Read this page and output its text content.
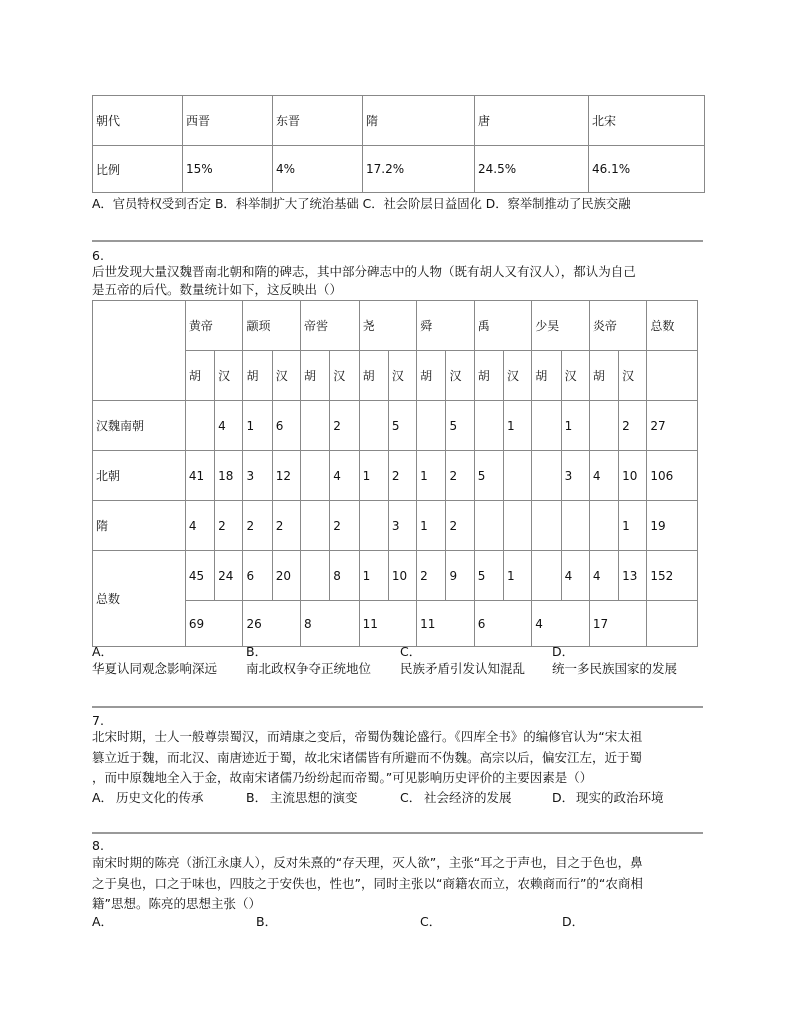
朝代	西晋	东晋	隋	唐	北宋
比例	15%	4%	17.2%	24.5%	46.1%
A．官员特权受到否定 B．科举制扩大了统治基础 C．社会阶层日益固化 D．察举制推动了民族交融
6.
后世发现大量汉魏晋南北朝和隋的碑志，其中部分碑志中的人物（既有胡人又有汉人），都认为自己
是五帝的后代。数量统计如下，这反映出（）
	黄帝		颛顼		帝喾		尧		舜		禹		少昊		炎帝		总数
	胡	汉	胡	汉	胡	汉	胡	汉	胡	汉	胡	汉	胡	汉	胡	汉	
汉魏南朝		4	1	6		2		5		5		1		1		2	27
北朝	41	18	3	12		4	1	2	1	2	5			3	4	10	106
隋	4	2	2	2		2		3	1	2						1	19
总数	45	24	6	20		8	1	10	2	9	5	1		4	4	13	152
	69		26		8		11		11		6		4		17		
A．	B．	C．	D．
华夏认同观念影响深远 南北政权争夺正统地位 民族矛盾引发认知混乱 统一多民族国家的发展
7.
北宋时期，士人一般尊崇蜀汉，而靖康之变后，帝蜀伪魏论盛行。《四库全书》的编修官认为“宋太祖
篡立近于魏，而北汉、南唐迹近于蜀，故北宋诸儒皆有所避而不伪魏。高宗以后，偏安江左，近于蜀
，而中原魏地全入于金，故南宋诸儒乃纷纷起而帝蜀。”可见影响历史评价的主要因素是（）
A． 历史文化的传承	B． 主流思想的演变	C． 社会经济的发展	D． 现实的政治环境
8.
南宋时期的陈亮（浙江永康人），反对朱熹的“存天理，灭人欲”，主张“耳之于声也，目之于色也，鼻
之于臭也，口之于味也，四肢之于安佚也，性也”，同时主张以“商籍农而立，农赖商而行”的“农商相
籍”思想。陈亮的思想主张（）
A．	B．	C．	D．
